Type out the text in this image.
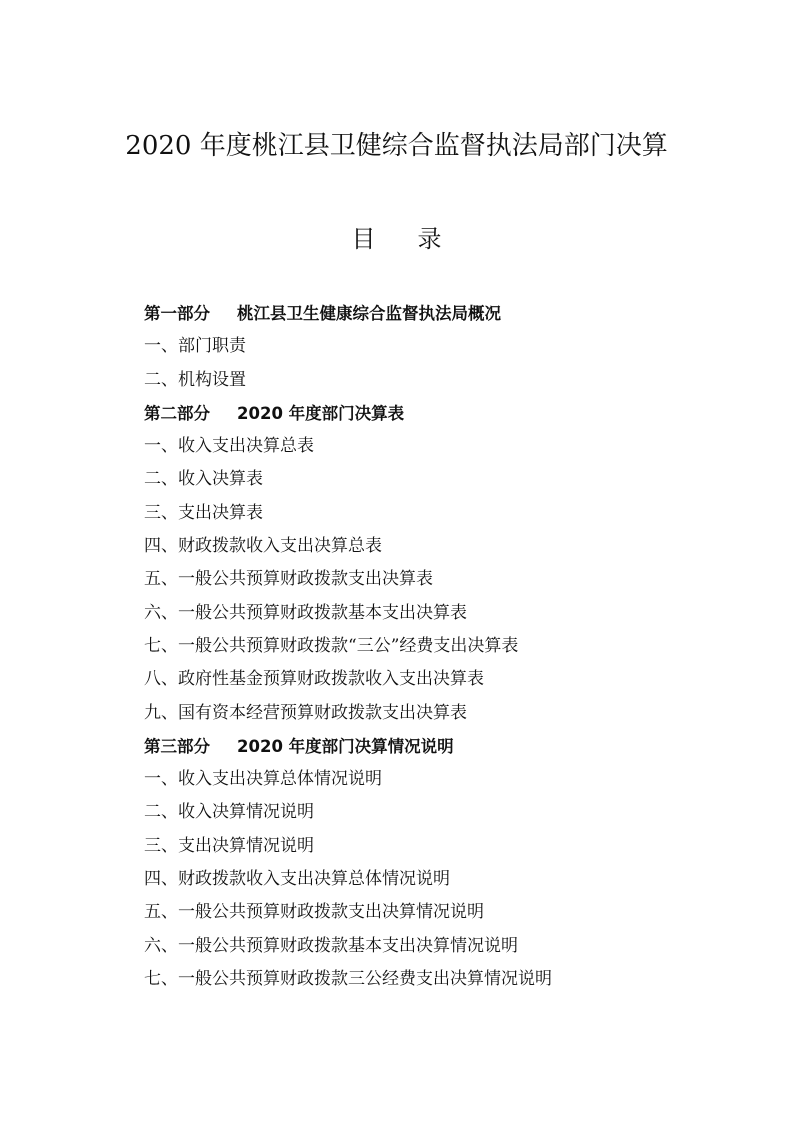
2020 年度桃江县卫健综合监督执法局部门决算
目 录
第一部分 桃江县卫生健康综合监督执法局概况
一、部门职责
二、机构设置
第二部分 2020 年度部门决算表
一、收入支出决算总表
二、收入决算表
三、支出决算表
四、财政拨款收入支出决算总表
五、一般公共预算财政拨款支出决算表
六、一般公共预算财政拨款基本支出决算表
七、一般公共预算财政拨款“三公”经费支出决算表
八、政府性基金预算财政拨款收入支出决算表
九、国有资本经营预算财政拨款支出决算表
第三部分 2020 年度部门决算情况说明
一、收入支出决算总体情况说明
二、收入决算情况说明
三、支出决算情况说明
四、财政拨款收入支出决算总体情况说明
五、一般公共预算财政拨款支出决算情况说明
六、一般公共预算财政拨款基本支出决算情况说明
七、一般公共预算财政拨款三公经费支出决算情况说明
